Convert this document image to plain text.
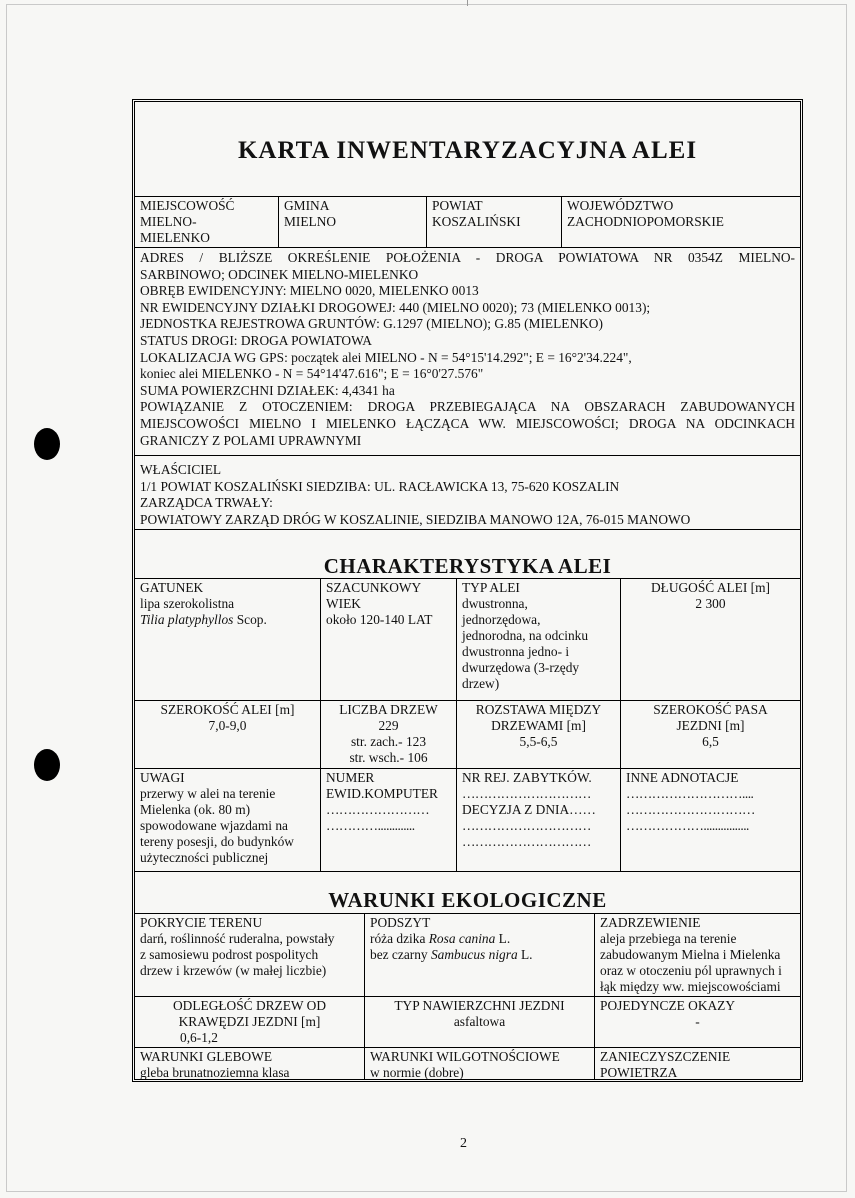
KARTA INWENTARYZACYJNA ALEI
MIEJSCOWOŚĆ
MIELNO-MIELENKO
GMINA
MIELNO
POWIAT
KOSZALIŃSKI
WOJEWÓDZTWO
ZACHODNIOPOMORSKIE
ADRES / BLIŻSZE OKREŚLENIE POŁOŻENIA - DROGA POWIATOWA NR 0354Z MIELNO-
SARBINOWO; ODCINEK MIELNO-MIELENKO
OBRĘB EWIDENCYJNY: MIELNO 0020, MIELENKO 0013
NR EWIDENCYJNY DZIAŁKI DROGOWEJ: 440 (MIELNO 0020); 73 (MIELENKO 0013);
JEDNOSTKA REJESTROWA GRUNTÓW: G.1297 (MIELNO); G.85 (MIELENKO)
STATUS DROGI: DROGA POWIATOWA
LOKALIZACJA WG GPS: początek alei MIELNO - N = 54°15'14.292"; E = 16°2'34.224",
koniec alei MIELENKO - N = 54°14'47.616"; E = 16°0'27.576"
SUMA POWIERZCHNI DZIAŁEK: 4,4341 ha
POWIĄZANIE Z OTOCZENIEM: DROGA PRZEBIEGAJĄCA NA OBSZARACH ZABUDOWANYCH
MIEJSCOWOŚCI MIELNO I MIELENKO ŁĄCZĄCA WW. MIEJSCOWOŚCI; DROGA NA ODCINKACH
GRANICZY Z POLAMI UPRAWNYMI
WŁAŚCICIEL
1/1 POWIAT KOSZALIŃSKI SIEDZIBA: UL. RACŁAWICKA 13, 75-620 KOSZALIN
ZARZĄDCA TRWAŁY:
POWIATOWY ZARZĄD DRÓG W KOSZALINIE, SIEDZIBA MANOWO 12A, 76-015 MANOWO
CHARAKTERYSTYKA ALEI
GATUNEK
lipa szerokolistna
Tilia platyphyllos Scop.
SZACUNKOWY
WIEK
około 120-140 LAT
TYP ALEI
dwustronna,
jednorzędowa,
jednorodna, na odcinku
dwustronna jedno- i
dwurzędowa (3-rzędy
drzew)
DŁUGOŚĆ ALEI [m]
2 300
SZEROKOŚĆ ALEI [m]
7,0-9,0
LICZBA DRZEW
229
str. zach.- 123
str. wsch.- 106
ROZSTAWA MIĘDZY
DRZEWAMI [m]
5,5-6,5
SZEROKOŚĆ PASA
JEZDNI [m]
6,5
UWAGI
przerwy w alei na terenie
Mielenka (ok. 80 m)
spowodowane wjazdami na
tereny posesji, do budynków
użyteczności publicznej
NUMER
EWID.KOMPUTER
……………………
………….............
NR REJ. ZABYTKÓW.
…………………………
DECYZJA Z DNIA……
…………………………
…………………………
INNE ADNOTACJE
………………………....
…………………………
………………................
WARUNKI EKOLOGICZNE
POKRYCIE TERENU
darń, roślinność ruderalna, powstały
z samosiewu podrost pospolitych
drzew i krzewów (w małej liczbie)
PODSZYT
róża dzika Rosa canina L.
bez czarny Sambucus nigra L.
ZADRZEWIENIE
aleja przebiega na terenie
zabudowanym Mielna i Mielenka
oraz w otoczeniu pól uprawnych i
łąk między ww. miejscowościami
ODLEGŁOŚĆ DRZEW OD
KRAWĘDZI JEZDNI [m]
0,6-1,2
TYP NAWIERZCHNI JEZDNI
asfaltowa
POJEDYNCZE OKAZY
-
WARUNKI GLEBOWE
gleba brunatnoziemna klasa
WARUNKI WILGOTNOŚCIOWE
w normie (dobre)
ZANIECZYSZCZENIE
POWIETRZA
2
